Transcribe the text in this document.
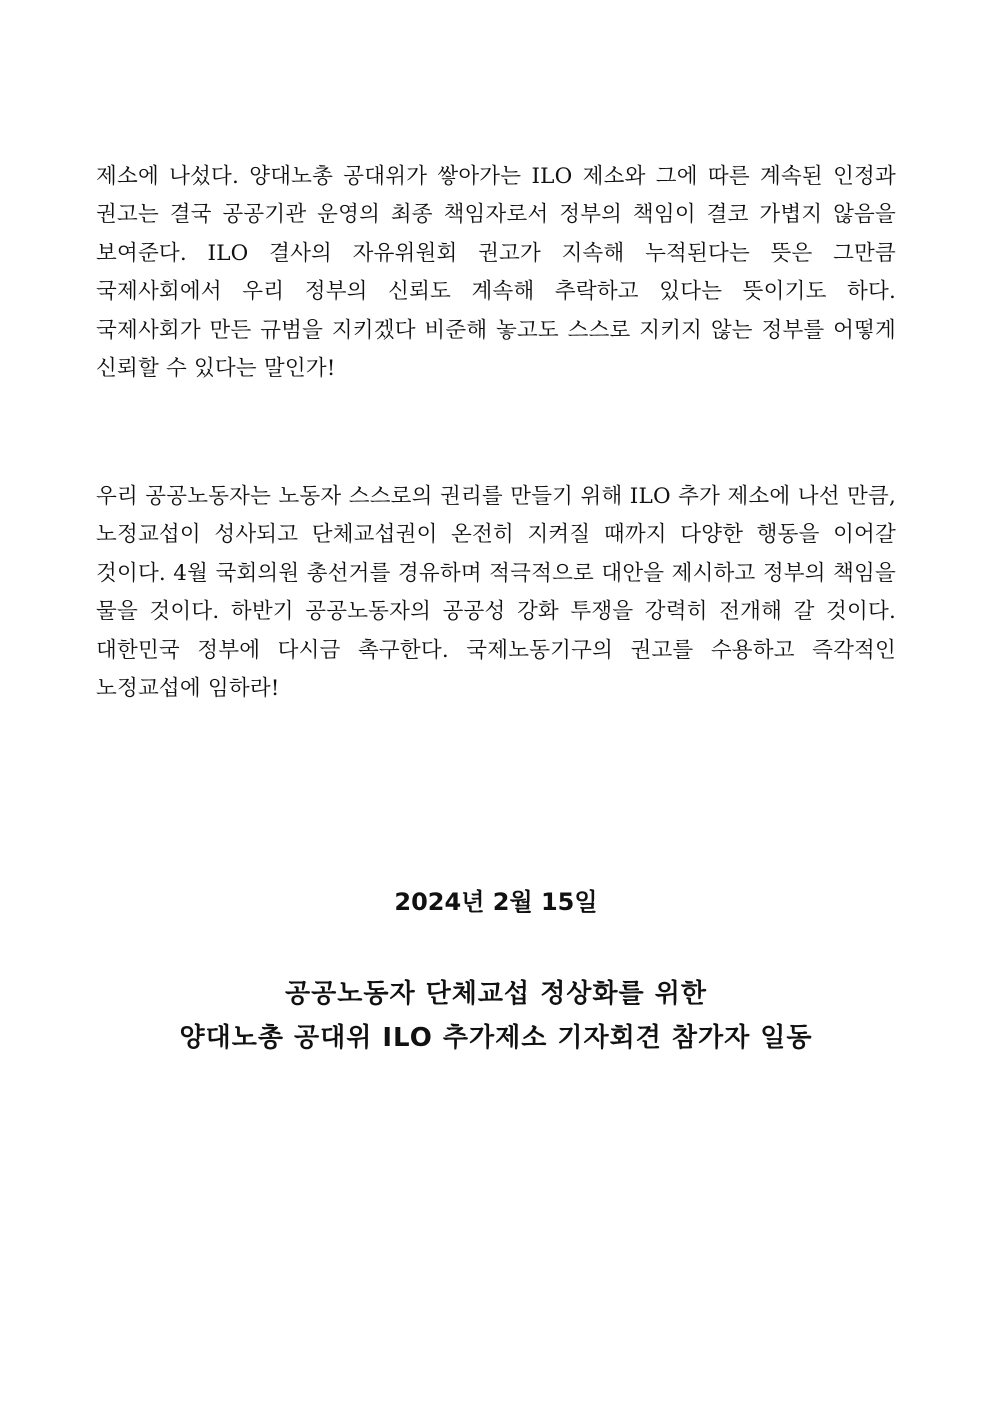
제소에 나섰다. 양대노총 공대위가 쌓아가는 ILO 제소와 그에 따른 계속된 인정과 권고는 결국 공공기관 운영의 최종 책임자로서 정부의 책임이 결코 가볍지 않음을 보여준다. ILO 결사의 자유위원회 권고가 지속해 누적된다는 뜻은 그만큼 국제사회에서 우리 정부의 신뢰도 계속해 추락하고 있다는 뜻이기도 하다. 국제사회가 만든 규범을 지키겠다 비준해 놓고도 스스로 지키지 않는 정부를 어떻게 신뢰할 수 있다는 말인가!

우리 공공노동자는 노동자 스스로의 권리를 만들기 위해 ILO 추가 제소에 나선 만큼, 노정교섭이 성사되고 단체교섭권이 온전히 지켜질 때까지 다양한 행동을 이어갈 것이다. 4월 국회의원 총선거를 경유하며 적극적으로 대안을 제시하고 정부의 책임을 물을 것이다. 하반기 공공노동자의 공공성 강화 투쟁을 강력히 전개해 갈 것이다. 대한민국 정부에 다시금 촉구한다. 국제노동기구의 권고를 수용하고 즉각적인 노정교섭에 임하라!

2024년 2월 15일
공공노동자 단체교섭 정상화를 위한
양대노총 공대위 ILO 추가제소 기자회견 참가자 일동
